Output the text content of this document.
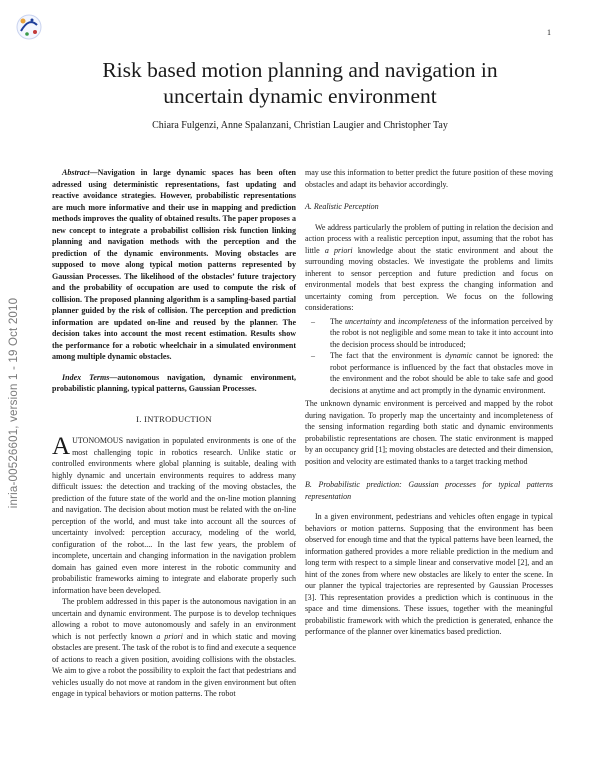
1
inria-00526601, version 1 - 19 Oct 2010
Risk based motion planning and navigation in uncertain dynamic environment
Chiara Fulgenzi, Anne Spalanzani, Christian Laugier and Christopher Tay

Abstract—Navigation in large dynamic spaces has been often adressed using deterministic representations, fast updating and reactive avoidance strategies. However, probabilistic representations are much more informative and their use in mapping and prediction methods improves the quality of obtained results. The paper proposes a new concept to integrate a probabilist collision risk function linking planning and navigation methods with the perception and the prediction of the dynamic environments. Moving obstacles are supposed to move along typical motion patterns represented by Gaussian Processes. The likelihood of the obstacles’ future trajectory and the probability of occupation are used to compute the risk of collision. The proposed planning algorithm is a sampling-based partial planner guided by the risk of collision. The perception and prediction information are updated on-line and reused by the planner. The decision takes into account the most recent estimation. Results show the performance for a robotic wheelchair in a simulated environment among multiple dynamic obstacles.

Index Terms—autonomous navigation, dynamic environment, probabilistic planning, typical patterns, Gaussian Processes.

I. INTRODUCTION

AUTONOMOUS navigation in populated environments is one of the most challenging topic in robotics research. Unlike static or controlled environments where global planning is suitable, dealing with highly dynamic and uncertain environments requires to address many difficult issues: the detection and tracking of the moving obstacles, the prediction of the future state of the world and the on-line motion planning and navigation. The decision about motion must be related with the on-line perception of the world, and must take into account all the sources of uncertainty involved: perception accuracy, modeling of the world, configuration of the robot.... In the last few years, the problem of incomplete, uncertain and changing information in the navigation problem domain has gained even more interest in the robotic community and probabilistic frameworks aiming to integrate and elaborate properly such information have been developed.

The problem addressed in this paper is the autonomous navigation in an uncertain and dynamic environment. The purpose is to develop techniques allowing a robot to move autonomously and safely in an environment which is not perfectly known a priori and in which static and moving obstacles are present. The task of the robot is to find and execute a sequence of actions to reach a given position, avoiding collisions with the obstacles. We aim to give a robot the possibility to exploit the fact that pedestrians and vehicles usually do not move at random in the given environment but often engage in typical behaviors or motion patterns. The robot

may use this information to better predict the future position of these moving obstacles and adapt its behavior accordingly.

A. Realistic Perception

We address particularly the problem of putting in relation the decision and action process with a realistic perception input, assuming that the robot has little a priori knowledge about the static environment and about the surrounding moving obstacles. We investigate the problems and limits inherent to sensor perception and future prediction and focus on environmental models that best express the changing information and uncertainty coming from perception. We focus on the following considerations:

– The uncertainty and incompleteness of the information perceived by the robot is not negligible and some mean to take it into account into the decision process should be introduced;
– The fact that the environment is dynamic cannot be ignored: the robot performance is influenced by the fact that obstacles move in the environment and the robot should be able to take safe and good decisions at anytime and act promptly in the dynamic environment.

The unknown dynamic environment is perceived and mapped by the robot during navigation. To properly map the uncertainty and incompleteness of the sensing information regarding both static and dynamic environments probabilistic representations are chosen. The static environment is mapped by an occupancy grid [1]; moving obstacles are detected and their dimension, position and velocity are estimated thanks to a target tracking method

B. Probabilistic prediction: Gaussian processes for typical patterns representation

In a given environment, pedestrians and vehicles often engage in typical behaviors or motion patterns. Supposing that the environment has been observed for enough time and that the typical patterns have been learned, the information gathered provides a more reliable prediction in the medium and long term with respect to a simple linear and conservative model [2], and an hint of the zones from where new obstacles are likely to enter the scene. In our planner the typical trajectories are represented by Gaussian Processes [3]. This representation provides a prediction which is continuous in the space and time dimensions. These issues, together with the meaningful probabilistic framework with which the prediction is generated, enhance the performance of the planner over kinematics based prediction.
